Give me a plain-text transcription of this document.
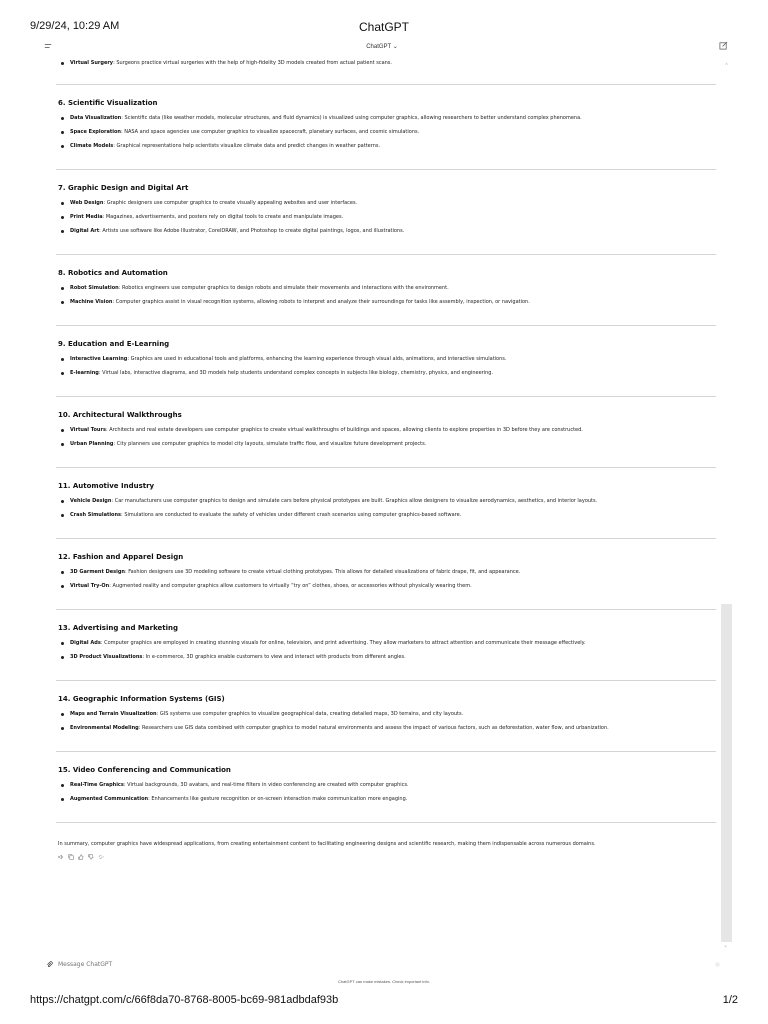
9/29/24, 10:29 AM	ChatGPT
ChatGPT ⌄
^
Virtual Surgery: Surgeons practice virtual surgeries with the help of high-fidelity 3D models created from actual patient scans.
6. Scientific Visualization
Data Visualization: Scientific data (like weather models, molecular structures, and fluid dynamics) is visualized using computer graphics, allowing researchers to better understand complex phenomena.
Space Exploration: NASA and space agencies use computer graphics to visualize spacecraft, planetary surfaces, and cosmic simulations.
Climate Models: Graphical representations help scientists visualize climate data and predict changes in weather patterns.
7. Graphic Design and Digital Art
Web Design: Graphic designers use computer graphics to create visually appealing websites and user interfaces.
Print Media: Magazines, advertisements, and posters rely on digital tools to create and manipulate images.
Digital Art: Artists use software like Adobe Illustrator, CorelDRAW, and Photoshop to create digital paintings, logos, and illustrations.
8. Robotics and Automation
Robot Simulation: Robotics engineers use computer graphics to design robots and simulate their movements and interactions with the environment.
Machine Vision: Computer graphics assist in visual recognition systems, allowing robots to interpret and analyze their surroundings for tasks like assembly, inspection, or navigation.
9. Education and E-Learning
Interactive Learning: Graphics are used in educational tools and platforms, enhancing the learning experience through visual aids, animations, and interactive simulations.
E-learning: Virtual labs, interactive diagrams, and 3D models help students understand complex concepts in subjects like biology, chemistry, physics, and engineering.
10. Architectural Walkthroughs
Virtual Tours: Architects and real estate developers use computer graphics to create virtual walkthroughs of buildings and spaces, allowing clients to explore properties in 3D before they are constructed.
Urban Planning: City planners use computer graphics to model city layouts, simulate traffic flow, and visualize future development projects.
11. Automotive Industry
Vehicle Design: Car manufacturers use computer graphics to design and simulate cars before physical prototypes are built. Graphics allow designers to visualize aerodynamics, aesthetics, and interior layouts.
Crash Simulations: Simulations are conducted to evaluate the safety of vehicles under different crash scenarios using computer graphics-based software.
12. Fashion and Apparel Design
3D Garment Design: Fashion designers use 3D modeling software to create virtual clothing prototypes. This allows for detailed visualizations of fabric drape, fit, and appearance.
Virtual Try-On: Augmented reality and computer graphics allow customers to virtually “try on” clothes, shoes, or accessories without physically wearing them.
13. Advertising and Marketing
Digital Ads: Computer graphics are employed in creating stunning visuals for online, television, and print advertising. They allow marketers to attract attention and communicate their message effectively.
3D Product Visualizations: In e-commerce, 3D graphics enable customers to view and interact with products from different angles.
14. Geographic Information Systems (GIS)
Maps and Terrain Visualization: GIS systems use computer graphics to visualize geographical data, creating detailed maps, 3D terrains, and city layouts.
Environmental Modeling: Researchers use GIS data combined with computer graphics to model natural environments and assess the impact of various factors, such as deforestation, water flow, and urbanization.
15. Video Conferencing and Communication
Real-Time Graphics: Virtual backgrounds, 3D avatars, and real-time filters in video conferencing are created with computer graphics.
Augmented Communication: Enhancements like gesture recognition or on-screen interaction make communication more engaging.
In summary, computer graphics have widespread applications, from creating entertainment content to facilitating engineering designs and scientific research, making them indispensable across numerous domains.
⌄
Message ChatGPT
ChatGPT can make mistakes. Check important info.
https://chatgpt.com/c/66f8da70-8768-8005-bc69-981adbdaf93b	1/2
